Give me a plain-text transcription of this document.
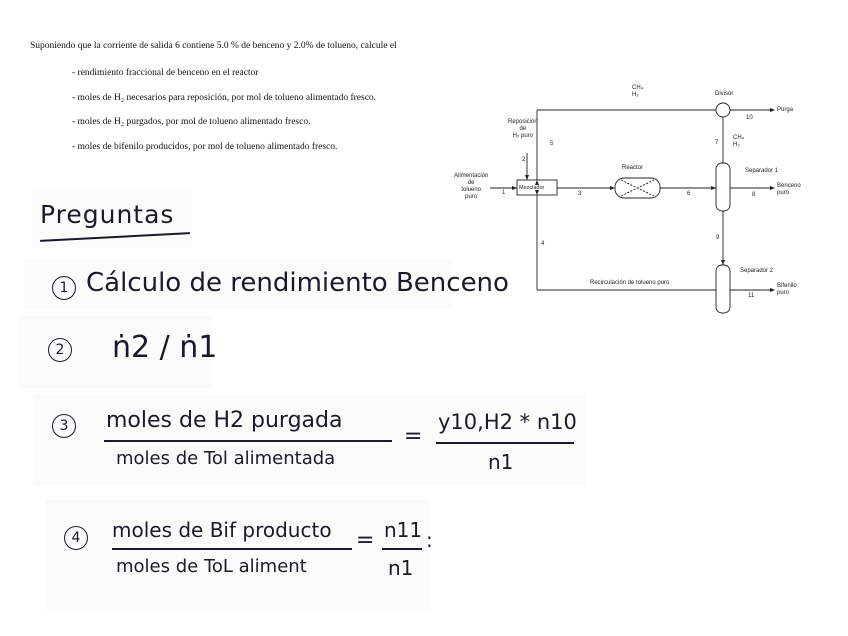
Suponiendo que la corriente de salida 6 contiene 5.0 % de benceno y 2.0% de tolueno, calcule el
- rendimiento fraccional de benceno en el reactor
- moles de H₂ necesarios para reposición, por mol de tolueno alimentado fresco.
- moles de H₂ purgados, por mol de tolueno alimentado fresco.
- moles de bifenilo producidos, por mol de tolueno alimentado fresco.
CH₄
H₂	Divisor
Purga
Reposición
de
H₂ puro
Reactor
CH₄
H₂
Separador 1
Alimentación
de
tolueno
puro
Mezclador	Benceno
puro
Recirculación de tolueno puro
Separador 2
Bifenilo
puro
1
2
3
4
5
6
7
8
9
10
11
Preguntas
1 Cálculo de rendimiento Benceno
2 ṅ2 / ṅ1
3	moles de H2 purgada
moles de Tol alimentada
=
y10,H2 * n10
n1
4	moles de Bif producto
moles de ToL aliment
= n11
n1
:
